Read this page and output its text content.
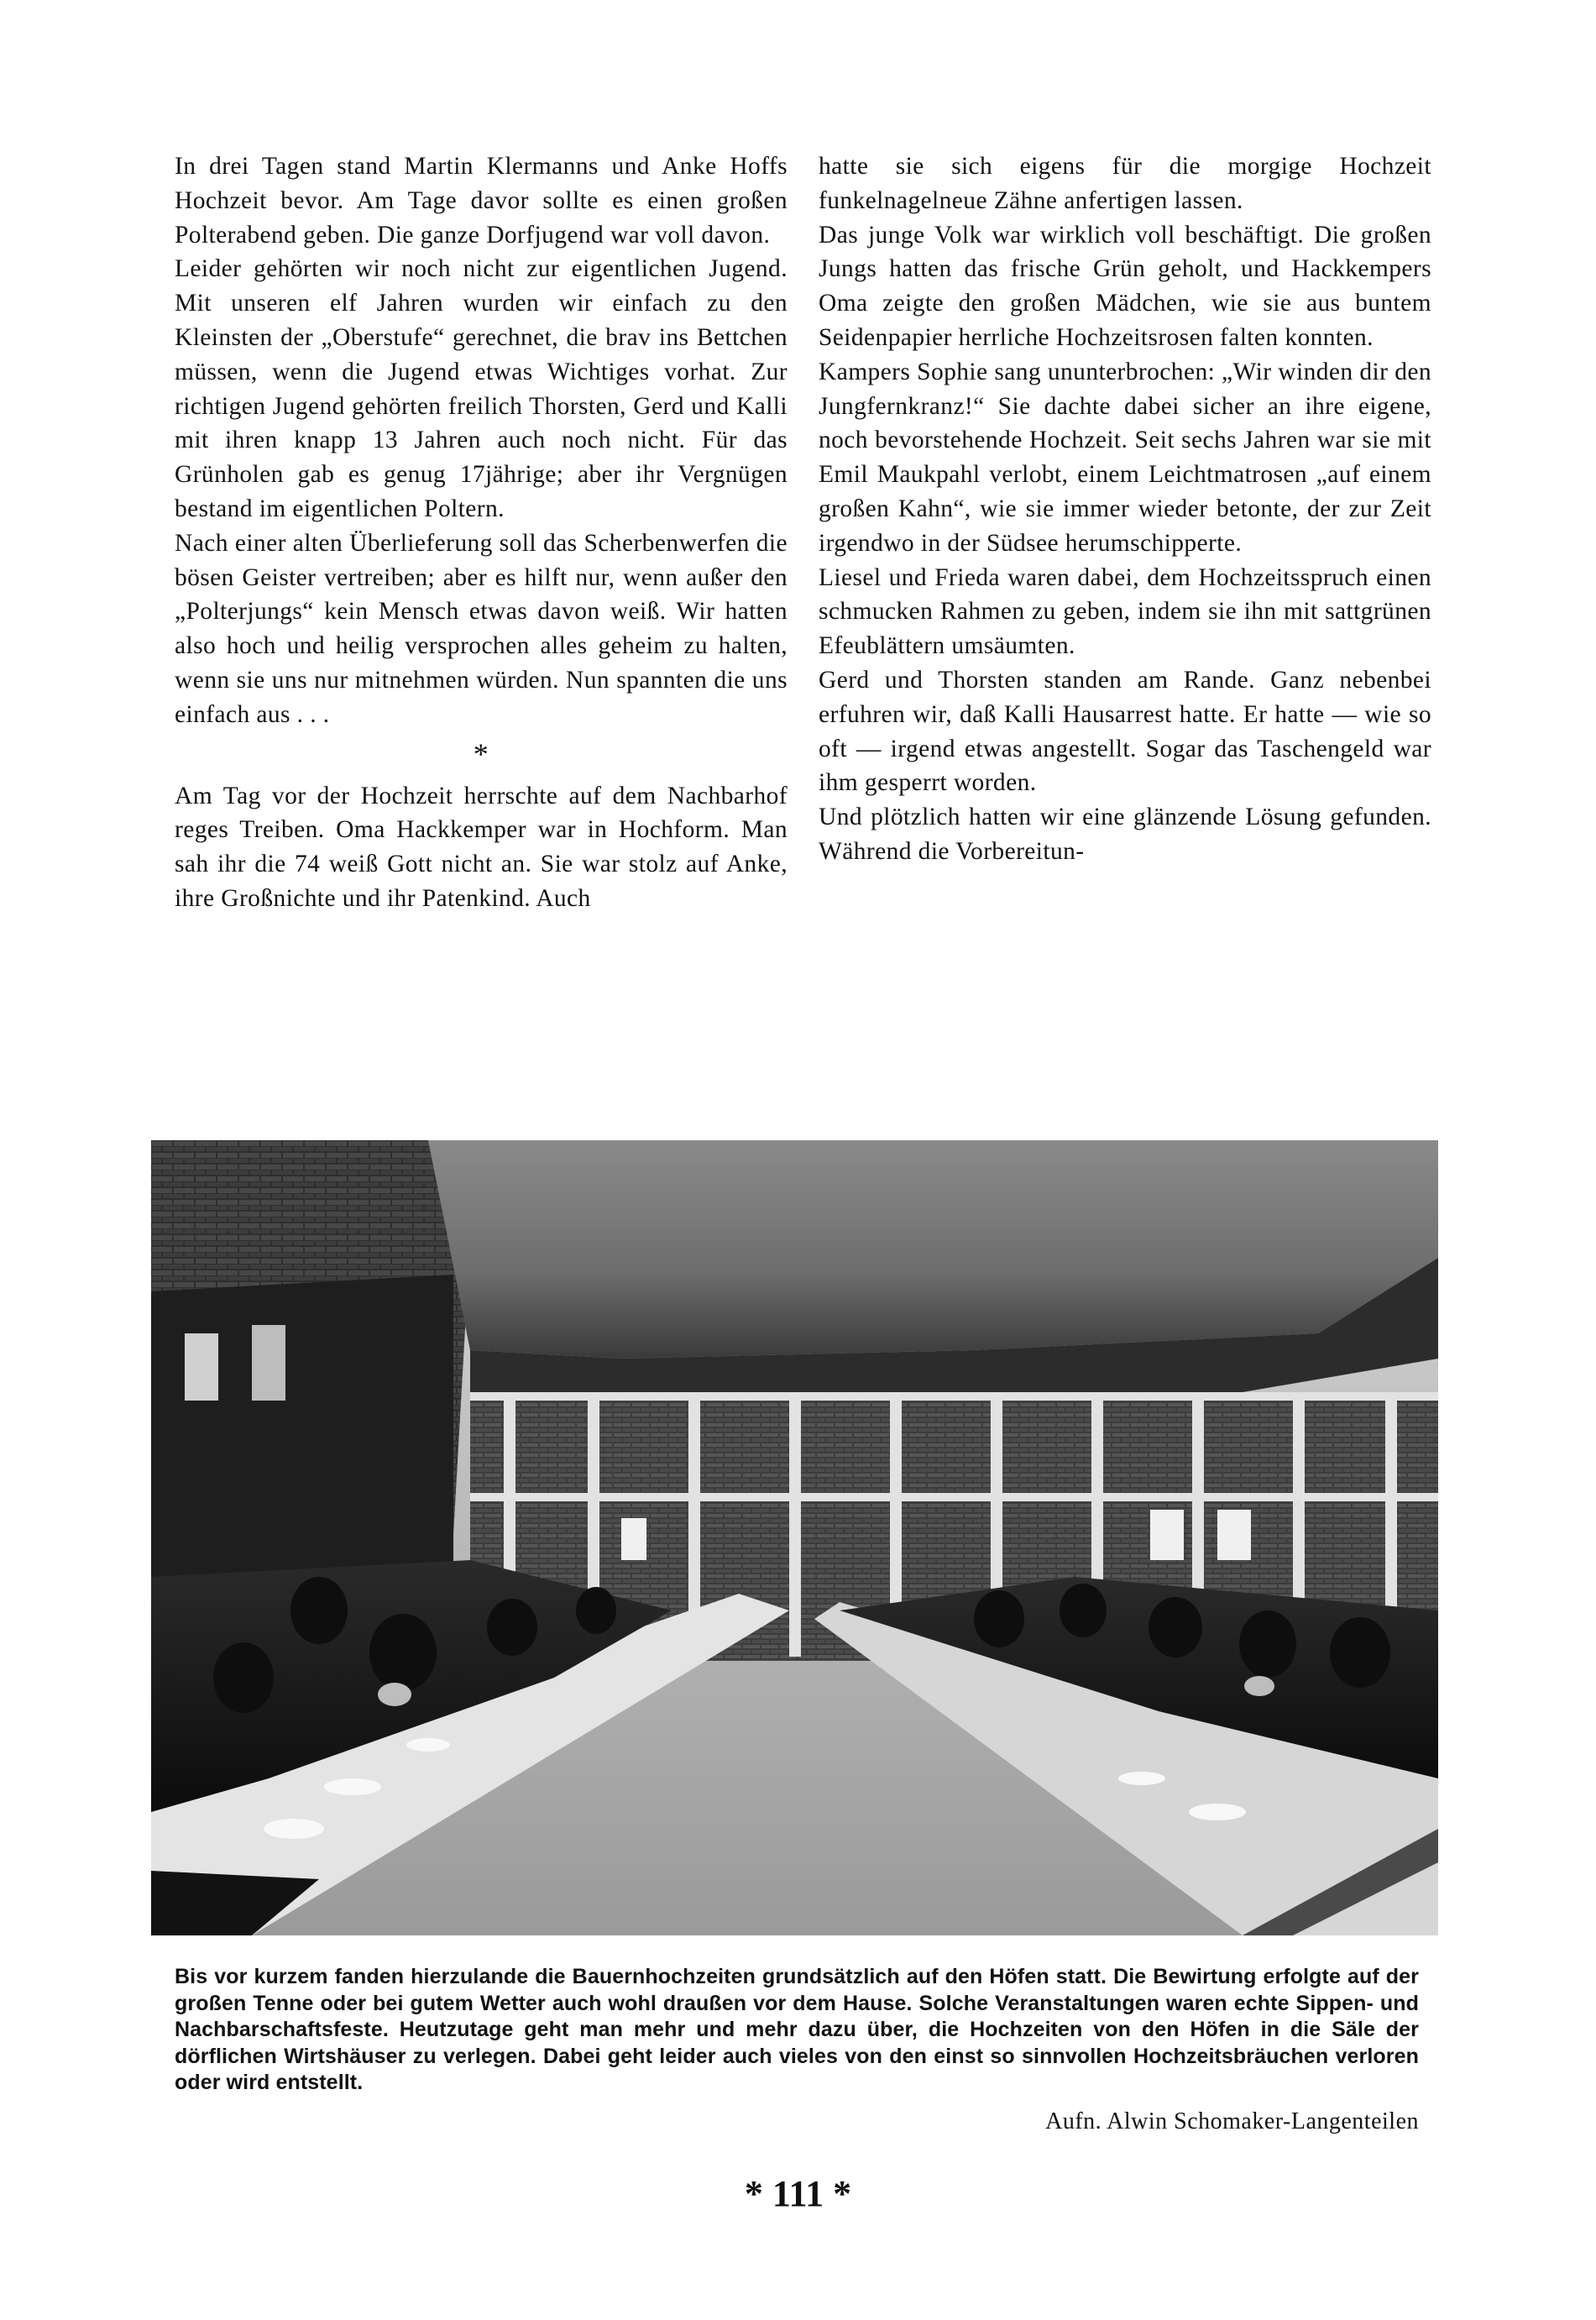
In drei Tagen stand Martin Klermanns und Anke Hoffs Hochzeit bevor. Am Tage davor sollte es einen großen Polterabend geben. Die ganze Dorfjugend war voll davon.

Leider gehörten wir noch nicht zur eigentlichen Jugend. Mit unseren elf Jahren wurden wir einfach zu den Kleinsten der „Oberstufe“ gerechnet, die brav ins Bettchen müssen, wenn die Jugend etwas Wichtiges vorhat. Zur richtigen Jugend gehörten freilich Thorsten, Gerd und Kalli mit ihren knapp 13 Jahren auch noch nicht. Für das Grünholen gab es genug 17jährige; aber ihr Vergnügen bestand im eigentlichen Poltern.

Nach einer alten Überlieferung soll das Scherbenwerfen die bösen Geister vertreiben; aber es hilft nur, wenn außer den „Polterjungs“ kein Mensch etwas davon weiß. Wir hatten also hoch und heilig versprochen alles geheim zu halten, wenn sie uns nur mitnehmen würden. Nun spannten die uns einfach aus . . .

*

Am Tag vor der Hochzeit herrschte auf dem Nachbarhof reges Treiben. Oma Hackkemper war in Hochform. Man sah ihr die 74 weiß Gott nicht an. Sie war stolz auf Anke, ihre Großnichte und ihr Patenkind. Auch

hatte sie sich eigens für die morgige Hochzeit funkelnagelneue Zähne anfertigen lassen.

Das junge Volk war wirklich voll beschäftigt. Die großen Jungs hatten das frische Grün geholt, und Hackkempers Oma zeigte den großen Mädchen, wie sie aus buntem Seidenpapier herrliche Hochzeitsrosen falten konnten.

Kampers Sophie sang ununterbrochen: „Wir winden dir den Jungfernkranz!“ Sie dachte dabei sicher an ihre eigene, noch bevorstehende Hochzeit. Seit sechs Jahren war sie mit Emil Maukpahl verlobt, einem Leichtmatrosen „auf einem großen Kahn“, wie sie immer wieder betonte, der zur Zeit irgendwo in der Südsee herumschipperte.

Liesel und Frieda waren dabei, dem Hochzeitsspruch einen schmucken Rahmen zu geben, indem sie ihn mit sattgrünen Efeublättern umsäumten.

Gerd und Thorsten standen am Rande. Ganz nebenbei erfuhren wir, daß Kalli Hausarrest hatte. Er hatte — wie so oft — irgend etwas angestellt. Sogar das Taschengeld war ihm gesperrt worden.

Und plötzlich hatten wir eine glänzende Lösung gefunden. Während die Vorbereitun-

Bis vor kurzem fanden hierzulande die Bauernhochzeiten grundsätzlich auf den Höfen statt. Die Bewirtung erfolgte auf der großen Tenne oder bei gutem Wetter auch wohl draußen vor dem Hause. Solche Veranstaltungen waren echte Sippen- und Nachbarschaftsfeste. Heutzutage geht man mehr und mehr dazu über, die Hochzeiten von den Höfen in die Säle der dörflichen Wirtshäuser zu verlegen. Dabei geht leider auch vieles von den einst so sinnvollen Hochzeitsbräuchen verloren oder wird entstellt.
Aufn. Alwin Schomaker-Langenteilen
* 111 *
